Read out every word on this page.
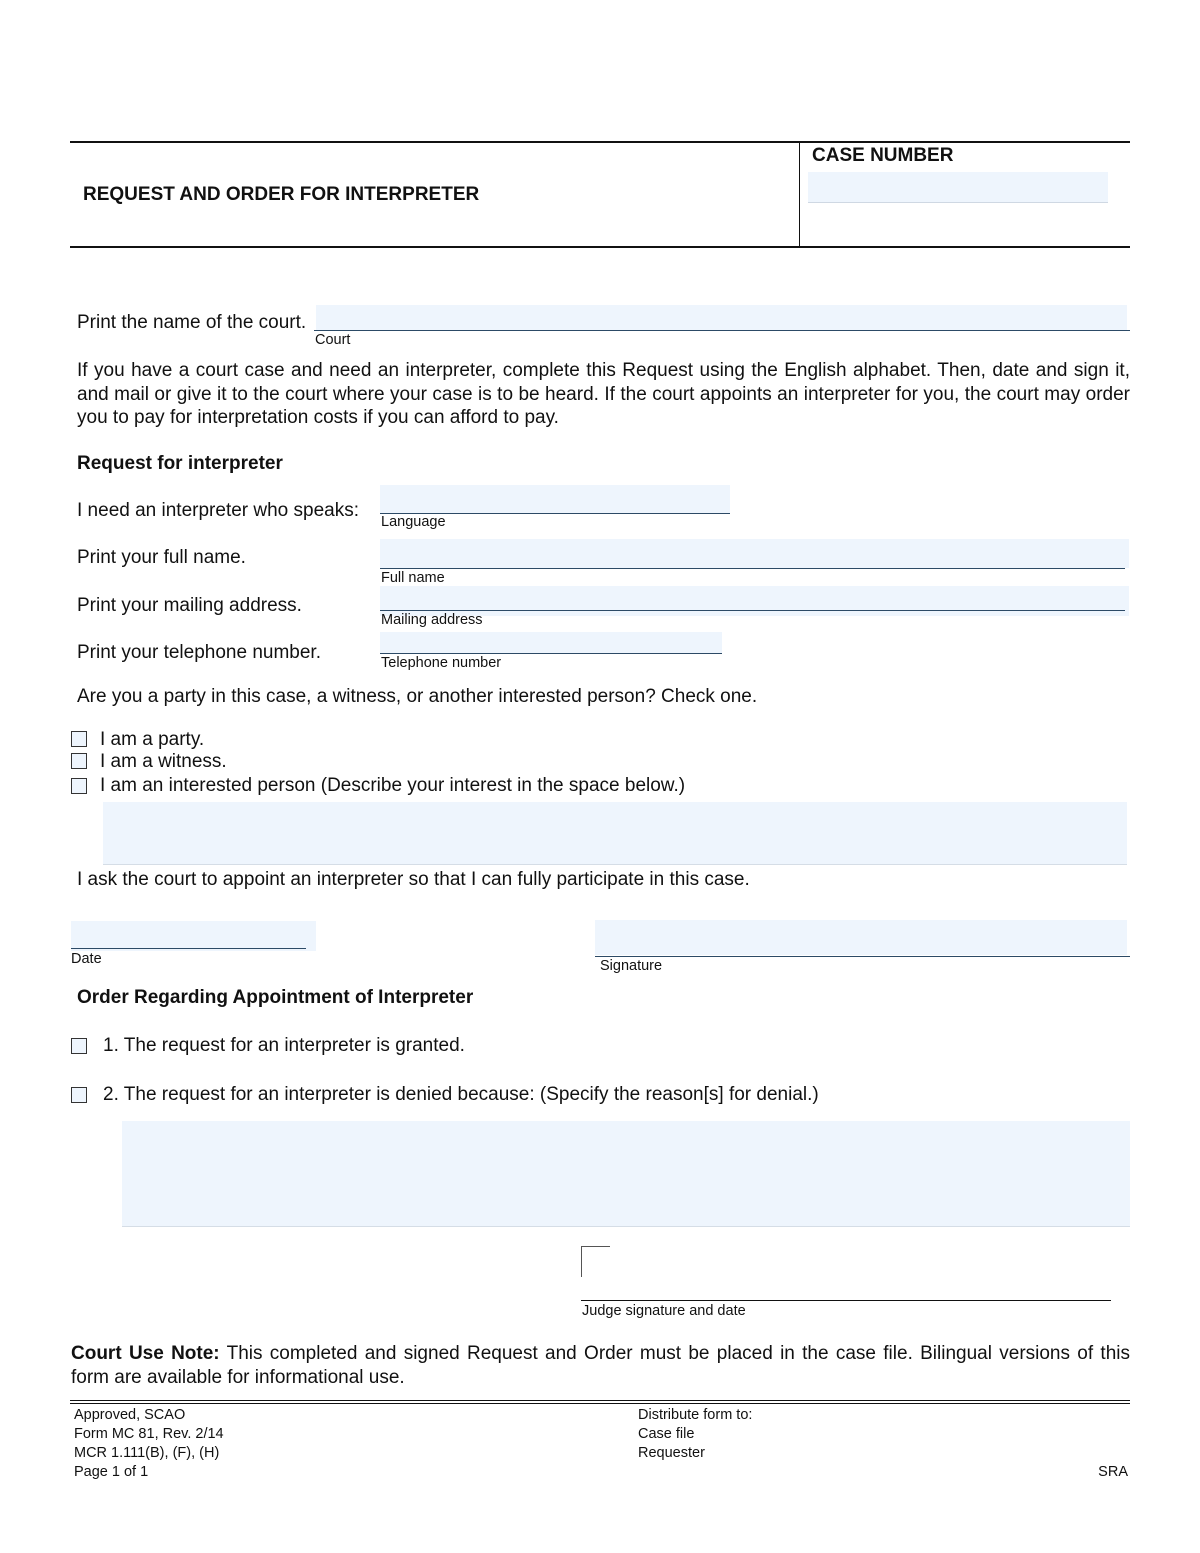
REQUEST AND ORDER FOR INTERPRETER
CASE NUMBER
Print the name of the court.
Court
If you have a court case and need an interpreter, complete this Request using the English alphabet. Then, date and sign it, and mail or give it to the court where your case is to be heard. If the court appoints an interpreter for you, the court may order you to pay for interpretation costs if you can afford to pay.
Request for interpreter
I need an interpreter who speaks:
Language
Print your full name.
Full name
Print your mailing address.
Mailing address
Print your telephone number.	Telephone number
Are you a party in this case, a witness, or another interested person? Check one.
I am a party.
I am a witness.
I am an interested person (Describe your interest in the space below.)
I ask the court to appoint an interpreter so that I can fully participate in this case.
Date	Signature
Order Regarding Appointment of Interpreter
1. The request for an interpreter is granted.
2. The request for an interpreter is denied because: (Specify the reason[s] for denial.)
Judge signature and date
Court Use Note: This completed and signed Request and Order must be placed in the case file. Bilingual versions of this form are available for informational use.
Approved, SCAO
Form MC 81, Rev. 2/14
MCR 1.111(B), (F), (H)
Page 1 of 1
Distribute form to:
Case file
Requester
SRA
